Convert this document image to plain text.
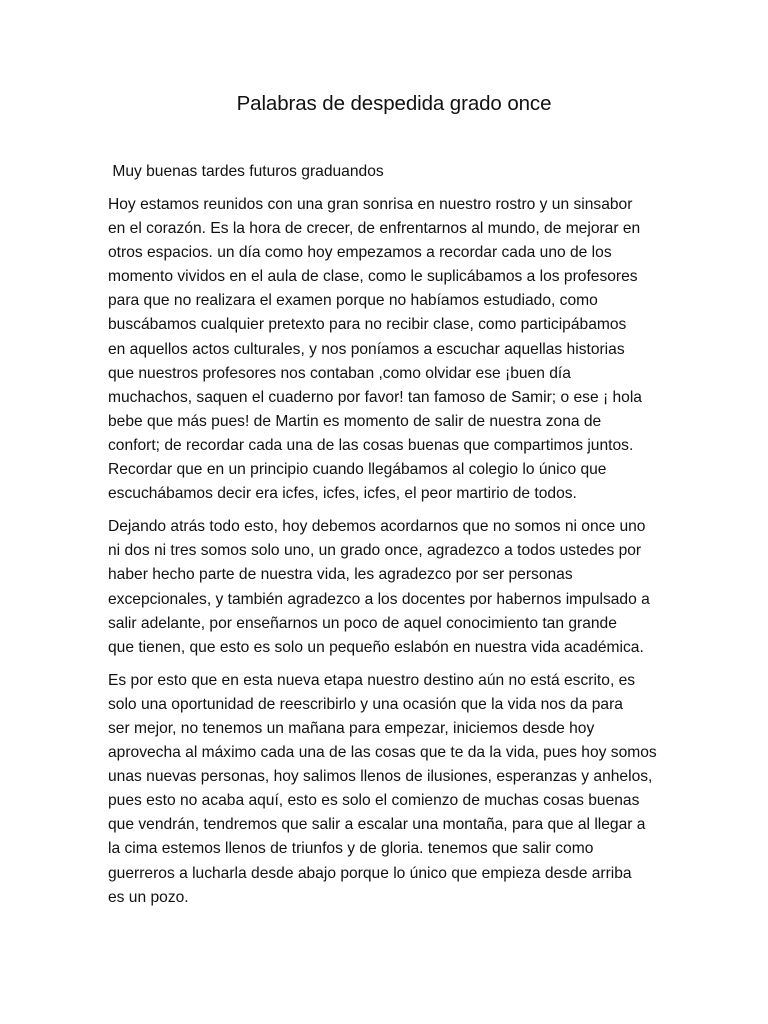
Palabras de despedida grado once

Muy buenas tardes futuros graduandos

Hoy estamos reunidos con una gran sonrisa en nuestro rostro y un sinsabor
en el corazón. Es la hora de crecer, de enfrentarnos al mundo, de mejorar en
otros espacios. un día como hoy empezamos a recordar cada uno de los
momento vividos en el aula de clase, como le suplicábamos a los profesores
para que no realizara el examen porque no habíamos estudiado, como
buscábamos cualquier pretexto para no recibir clase, como participábamos
en aquellos actos culturales, y nos poníamos a escuchar aquellas historias
que nuestros profesores nos contaban ,como olvidar ese ¡buen día
muchachos, saquen el cuaderno por favor! tan famoso de Samir; o ese ¡ hola
bebe que más pues! de Martin es momento de salir de nuestra zona de
confort; de recordar cada una de las cosas buenas que compartimos juntos.
Recordar que en un principio cuando llegábamos al colegio lo único que
escuchábamos decir era icfes, icfes, icfes, el peor martirio de todos.

Dejando atrás todo esto, hoy debemos acordarnos que no somos ni once uno
ni dos ni tres somos solo uno, un grado once, agradezco a todos ustedes por
haber hecho parte de nuestra vida, les agradezco por ser personas
excepcionales, y también agradezco a los docentes por habernos impulsado a
salir adelante, por enseñarnos un poco de aquel conocimiento tan grande
que tienen, que esto es solo un pequeño eslabón en nuestra vida académica.

Es por esto que en esta nueva etapa nuestro destino aún no está escrito, es
solo una oportunidad de reescribirlo y una ocasión que la vida nos da para
ser mejor, no tenemos un mañana para empezar, iniciemos desde hoy
aprovecha al máximo cada una de las cosas que te da la vida, pues hoy somos
unas nuevas personas, hoy salimos llenos de ilusiones, esperanzas y anhelos,
pues esto no acaba aquí, esto es solo el comienzo de muchas cosas buenas
que vendrán, tendremos que salir a escalar una montaña, para que al llegar a
la cima estemos llenos de triunfos y de gloria. tenemos que salir como
guerreros a lucharla desde abajo porque lo único que empieza desde arriba
es un pozo.
